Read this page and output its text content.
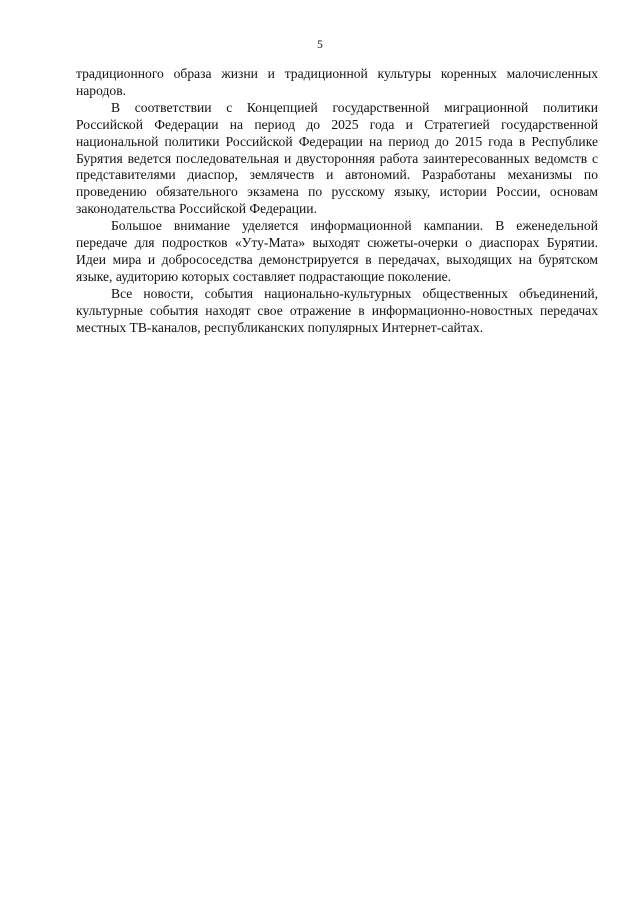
5

традиционного образа жизни и традиционной культуры коренных малочисленных народов.

В соответствии с Концепцией государственной миграционной политики Российской Федерации на период до 2025 года и Стратегией государственной национальной политики Российской Федерации на период до 2015 года в Республике Бурятия ведется последовательная и двусторонняя работа заинтересованных ведомств с представителями диаспор, землячеств и автономий. Разработаны механизмы по проведению обязательного экзамена по русскому языку, истории России, основам законодательства Российской Федерации.

Большое внимание уделяется информационной кампании. В еженедельной передаче для подростков «Уту-Мата» выходят сюжеты-очерки о диаспорах Бурятии. Идеи мира и добрососедства демонстрируется в передачах, выходящих на бурятском языке, аудиторию которых составляет подрастающие поколение.

Все новости, события национально-культурных общественных объединений, культурные события находят свое отражение в информационно-новостных передачах местных ТВ-каналов, республиканских популярных Интернет-сайтах.
